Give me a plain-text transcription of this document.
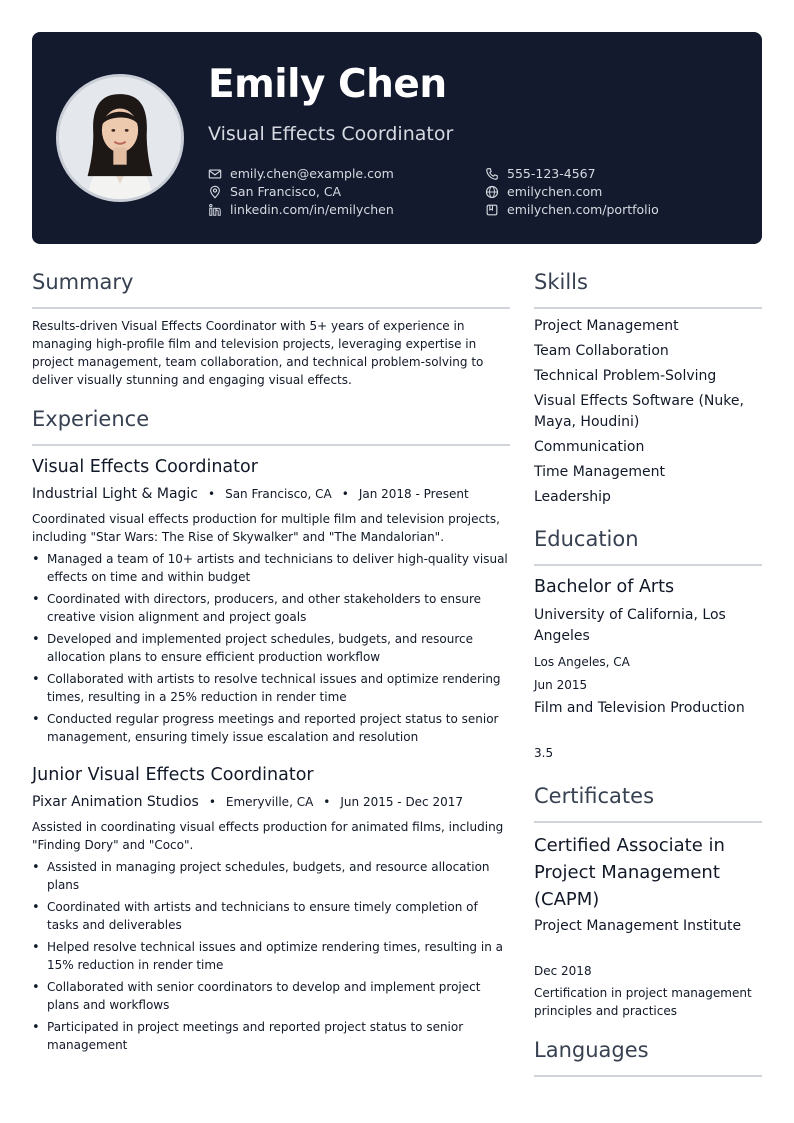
Emily Chen
Visual Effects Coordinator
emily.chen@example.com	555-123-4567
San Francisco, CA	emilychen.com
linkedin.com/in/emilychen	emilychen.com/portfolio
Summary
Results-driven Visual Effects Coordinator with 5+ years of experience in managing high-profile film and television projects, leveraging expertise in project management, team collaboration, and technical problem-solving to deliver visually stunning and engaging visual effects.
Experience
Visual Effects Coordinator
Industrial Light & Magic • San Francisco, CA • Jan 2018 - Present
Coordinated visual effects production for multiple film and television projects, including "Star Wars: The Rise of Skywalker" and "The Mandalorian".
• Managed a team of 10+ artists and technicians to deliver high-quality visual effects on time and within budget
• Coordinated with directors, producers, and other stakeholders to ensure creative vision alignment and project goals
• Developed and implemented project schedules, budgets, and resource allocation plans to ensure efficient production workflow
• Collaborated with artists to resolve technical issues and optimize rendering times, resulting in a 25% reduction in render time
• Conducted regular progress meetings and reported project status to senior management, ensuring timely issue escalation and resolution
Junior Visual Effects Coordinator
Pixar Animation Studios • Emeryville, CA • Jun 2015 - Dec 2017
Assisted in coordinating visual effects production for animated films, including "Finding Dory" and "Coco".
• Assisted in managing project schedules, budgets, and resource allocation plans
• Coordinated with artists and technicians to ensure timely completion of tasks and deliverables
• Helped resolve technical issues and optimize rendering times, resulting in a 15% reduction in render time
• Collaborated with senior coordinators to develop and implement project plans and workflows
• Participated in project meetings and reported project status to senior management
Skills
Project Management
Team Collaboration
Technical Problem-Solving
Visual Effects Software (Nuke, Maya, Houdini)
Communication
Time Management
Leadership
Education
Bachelor of Arts
University of California, Los Angeles
Los Angeles, CA
Jun 2015
Film and Television Production
3.5
Certificates
Certified Associate in Project Management (CAPM)
Project Management Institute
Dec 2018
Certification in project management principles and practices
Languages
